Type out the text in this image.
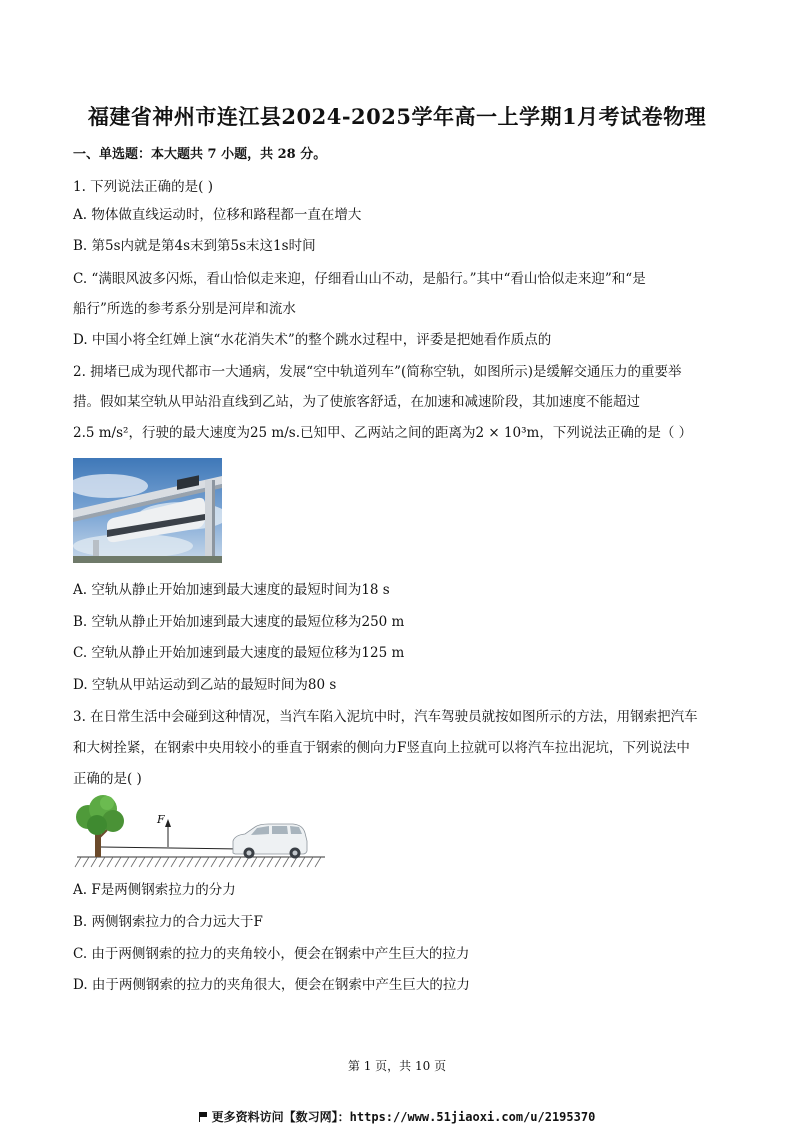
福建省神州市连江县2024-2025学年高一上学期1月考试卷物理
一、单选题：本大题共 7 小题，共 28 分。
1. 下列说法正确的是( )
A. 物体做直线运动时，位移和路程都一直在增大
B. 第5s内就是第4s末到第5s末这1s时间
C. “满眼风波多闪烁，看山恰似走来迎，仔细看山山不动，是船行。”其中“看山恰似走来迎”和“是
船行”所选的参考系分别是河岸和流水
D. 中国小将全红婵上演“水花消失术”的整个跳水过程中，评委是把她看作质点的
2. 拥堵已成为现代都市一大通病，发展“空中轨道列车”(简称空轨，如图所示)是缓解交通压力的重要举
措。假如某空轨从甲站沿直线到乙站，为了使旅客舒适，在加速和减速阶段，其加速度不能超过
2.5 m/s²，行驶的最大速度为25 m/s.已知甲、乙两站之间的距离为2 × 10³m，下列说法正确的是（ ）
A. 空轨从静止开始加速到最大速度的最短时间为18 s
B. 空轨从静止开始加速到最大速度的最短位移为250 m
C. 空轨从静止开始加速到最大速度的最短位移为125 m
D. 空轨从甲站运动到乙站的最短时间为80 s
3. 在日常生活中会碰到这种情况，当汽车陷入泥坑中时，汽车驾驶员就按如图所示的方法，用钢索把汽车
和大树拴紧，在钢索中央用较小的垂直于钢索的侧向力F竖直向上拉就可以将汽车拉出泥坑，下列说法中
正确的是( )
F
A. F是两侧钢索拉力的分力
B. 两侧钢索拉力的合力远大于F
C. 由于两侧钢索的拉力的夹角较小，便会在钢索中产生巨大的拉力
D. 由于两侧钢索的拉力的夹角很大，便会在钢索中产生巨大的拉力
第 1 页，共 10 页
更多资料访问【数习网】：https://www.51jiaoxi.com/u/2195370
